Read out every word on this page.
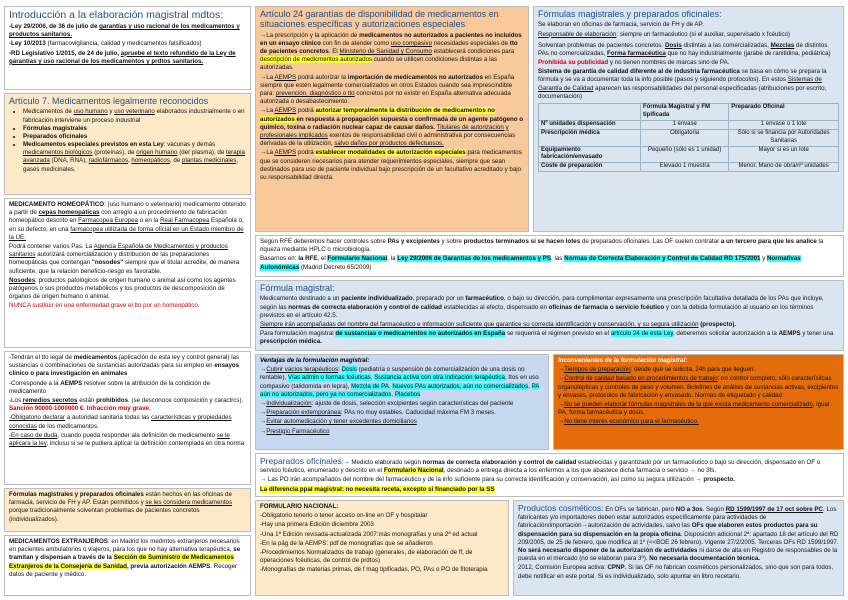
Introducción a la elaboración magistral mdtos:

-Ley 29/2006, de 36 de julio de garantías y uso racional de los medicamentos y productos sanitarios.

-Ley 10/2013 (farmacovigilancia, calidad y medicamentos falsificados)

-RD Legislativo 1/2015, de 24 de julio, apruebe el texto refundido de la Ley de garantías y uso racional de los medicamentos y prdtos sanitarios.

Artículo 7. Medicamentos legalmente reconocidos
• Medicamentos de uso humano y uso veterinario elaborados industrialmente o en fabricación interviene un proceso industrial
• Fórmulas magistrales
• Preparados oficinales
• Medicamentos especiales previstos en esta Ley: vacunas y demás medicamentos biológicos (proteínas), de origen humano (der plasma), de terapia avanzada (DNA, RNA), radiofármacos, homeopáticos, de plantas medicinales, gases medicinales.

MEDICAMENTO HOMEOPÁTICO: (uso humano o veterinario) medicamento obtenido a partir de cepas homeopáticas con arreglo a un procedimiento de fabricación homeopático descrito en Farmacopea Europea o en la Real Farmacopea Española o, en su defecto, en una farmacopea utilizada de forma oficial en un Estado miembro de la UE.

Podrá contener varios Pas. La Agencia Española de Medicamentos y productos sanitarios autorizará comercialización y distribución de las preparaciones homeopáticas que contengan "nosodes" siempre que el titular acredite, de manera suficiente, que la relación beneficio-riesgo es favorable.

Nosodes: productos patológicos de origen humano o animal así como los agentes patógenos o sus productos metabólicos y los productos de descomposición de órganos de origen humano o animal.

NUNCA sustituir en una enfermedad grave el tto por un homeopático.

-Tendrán el tto legal de medicamentos (aplicación de esta ley y control general) las sustancias o combinaciones de sustancias autorizadas para su empleo en ensayos clínico o para investigación en animales

-Corresponde a la AEMPS resolver sobre la atribución de la condición de medicamento

-Los remedios secretos están prohibidos. (se desconoce composición y caractrcs). Sanción 90000-1000000 €. Infracción muy grave.

-Obligatorio declarar a autoridad sanitaria todas las características y propiedades conocidas de los medicamentos.

-En caso de duda, cuando pueda responder ala definición de medicamento se le aplicara la ley, inclusu si se le pudiera aplicar la definición contemplada en otra norma

Fórmulas magistrales y preparados oficinales están hechos en las oficinas de farmacia, servicio de FH y AP. Están permitidos y se les considera medicamentos porque tradicionalmente solventan problemas de pacientes concretos (individualizados).

MEDICAMENTOS EXTRANJEROS: en Madrid los medmtos extranjeros necesarios en pacientes ambulatorios o viajeros, para los que no hay alternativa terapéutica, se tramitan y dispensan a través de la Sección de Suministro de Medicamentos Extranjeros de la Consejería de Sanidad, previa autorización AEMPS. Recoger datos de paciente y médico.

Artículo 24 garantías de disponibilidad de medicamentos en situaciones específicas y autorizaciones especiales

→La prescripción y la aplicación de medicamentos no autorizados a pacientes no incluidos en un ensayo clínico con fin de atender como uso compasivo necesidades especiales de tto de pacientes concretos. El Ministerio de Sanidad y Consumo establecerá condiciones para descripción de medicmentos autorizados cuando se utilicen condiciones distintas a las autorizadas.

→La AEMPS podrá autorizar la importación de medicamentos no autorizados en España siempre que estén legalmente comercializados en otros Estados cuando sea imprescindible para: prevención, diagnóstico o tto concretos por no existir en España alternativa adecuada autorizada o desabastecimiento.

→La AEMPS podrá autorizar temporalmente la distribución de medicamentos no autorizados en respuesta a propagación supuesta o confirmada de un agente patógeno o químico, toxina o radiación nuclear capaz de causar daños. Titulares de autorización y profesionales implicados exentos de responsabilidad civil o administrativa por consecuencias derivadas de la utilización, salvo daños por productos defectuosos.

→La AEMPS podrá establecer modalidades de autorización especiales para medicamentos que se consideren necesarios para atender requerimientos especiales, siempre que sean destinados para uso de paciente individual bajo prescripción de un facultativo acreditado y bajo su responsabilidad directa.

Fórmulas magistrales y preparados oficinales:

Se elaboran en oficinas de farmacia, servicio de FH y de AP.

Responsable de elaboración: siempre un farmacéutico (si el auxiliar, supervisado x fcéutico)

Solventan problemas de pacientes concretos: Dosis distintas a las comercializadas, Mezclas de distintos PAs no comercializadas, Forma farmacéutica que no hay industrialmente (jarabe de ranitidina, pediátrica)

Prohibida su publicidad y no tienen nombres de marcas sino de PA.

Sistema de garantía de calidad diferente al de industria farmacéutica se basa en cómo se prepara la fórmula y se va a documentar toda la info posible (pasos y siguiendo protocolos). En estos Sistemas de Garantía de Calidad aparecen las responsabilidades del personal especificadas (atribuciones por escrito, documentación)

	Fórmula Magistral y FM tipificada	Preparado Oficinal
Nº unidades dispensación	1 envase	1 envase o 1 lote
Prescripción médica	Obligatoria	Sólo si se financia por Autoridades Sanitarias
Equipamiento fabricación/envasado	Pequeño (sólo es 1 unidad)	Mayor si es un lote
Coste de preparación	Elevado 1 muestra	Menor. Mano de obra/nº unidades

Según RFE deberemos hacer controles sobre PAs y excipientes y sobre productos terminados si se hacen lotes de preparados oficinales. Las OF suelen contratar a un tercero para que les analice la riqueza mediante HPLC o microbiología.

Basarnos en: la RFE, el Formulario Nacional, la Ley 29/2006 de Garantías de los medicamentos y PS, las Normas de Correcta Elaboración y Control de Calidad RD 175/2001 y Normativas Autonómicas (Madrid Decreto 65/2009)

Fórmula magistral:

Medicamento destinado a un paciente individualizado, preparado por un farmacéutico, o bajo su dirección, para cumplimentar expresamente una prescripción facultativa detallada de los PAs que incluye, según las normas de correcta elaboración y control de calidad establecidas al efecto, dispensado en oficinas de farmacia o servicio fcéutico y con la debida formulación al usuario en los términos previstos en el artículo 42.5.

Siempre irán acompañadas del nombre del farmacéutico e información suficiente que garantice su correcta identificación y conservación, y su segura utilización (prospecto).

Para formulación magistral de sustancias o medicamentos no autorizados en España se requerirá el régimen previsto en el artículo 24 de esta Ley, deberemos solicitar autorización a la AEMPS y tener una prescripción médica.

Ventajas de la formulación magistral:

→Cubrir vacíos terapéuticos: Dosis (pediatría o suspensión de comercialización de una dosis no rentable), Vías admin o formas fcéuticas, Sustancia activa con otra indicación terapéutica, ttos en uso compasivo (talidomida en lepra), Mezcla de PA, Nuevos PAs autorizados, aún no comercializados, PA aún no autorizados, pero ya no comercializados, Placebos

→Individualización: ajuste de dosis, selección excipientes según características del paciente

→Preparación extemporánea: PAs no muy estables. Caducidad máxima FM 3 meses.

→Evitar automedicación y tener excedentes domiciliarios

→Prestigio Farmacéutico

Inconvenientes de la formulación magistral:

→Tiempos de preparación: desde que se solicita, 24h para que lleguen.

→Control de calidad basado en procedimientos de trabajo: no control completo, sólo caracterísitcas organolépticas y controles de peso y volumen. Boletines de análisis de sustancias activas, excipientes y envases, protocolos de fabricación y envasado. Normas de etiquetado y calidad.

→No se pueden elaborar fórmulas magistrales de la que exista medicamento comercializado, igual PA, forma farmacéutica y dosis.

→No tiene interés económico para el farmacéutico.

Preparados oficinales:→ Medicto elaborado según normas de correcta elaboración y control de calidad establecidas y garantizado por un farmacéutico o bajo su dirección, dispensado en OF o servicio fcéutico, enumerado y descrito en el Formulario Nacional, destinado a entrega directa a los enfermos a los que abastece dicha farmacia o servicio → no 3fs.

→ Las PO irán acompañados del nombre del farmacéutico y de la info suficiente para su correcta identificación y conservación, así como su segura utilización → prospecto.

La diferencia ppal magistral: no necesita receta, excepto si financiado por la SS

FORMULARIO NACIONAL:

-Obligatorio tenerlo o tener acceso on-line en OF y hospitalar

-Hay una primera Edición diciembre 2003

-Una 1ª Edición revisada-actualizada 2007:más monografías y una 2ª ed actual

-En la pág de la AEMPS: pdf de monografías que se añadieron

-Procedimientos Normalizados de trabajo (generales, de elaboración de ff, de operaciones fcéuticas, de control de prdtos)

-Monografías de materias primas, de f mag tipificadas, PO, PAs o PO de fitoterapia

Productos cosméticos: En OFs se fabrican, pero NO a 3os. Según RD 1599/1997 de 17 oct sobre PC. Los fabricantes y/o importadores deben estar autorizados específicamente para actividades de fabricación/importación→autorización de actividades, salvo las OFs que elaboren estos productos para su dispensación para su dispensación en la propia oficina. Disposición adicional 2ª: apartado 18 del artículo del RD 209/2005, de 25 de febrero, que modifica al 1º (<<BOE 26 febrero). Vigente 27/2/2005. Terceras OFs RD 1599/1997. No será necesario disponer de la autorización de actividades ni darse de alta en Registro de responsables de la puesta en el mercado (no se elaboran para 3º). No necesaria documentación técnica.

2012, Comisión Europea activa: CPNP. Si las OF no fabrican cosméticos personalizados, sino que son para todos, debe notificar en este portal. Si es individualizado, solo apuntar en libro recetario.
